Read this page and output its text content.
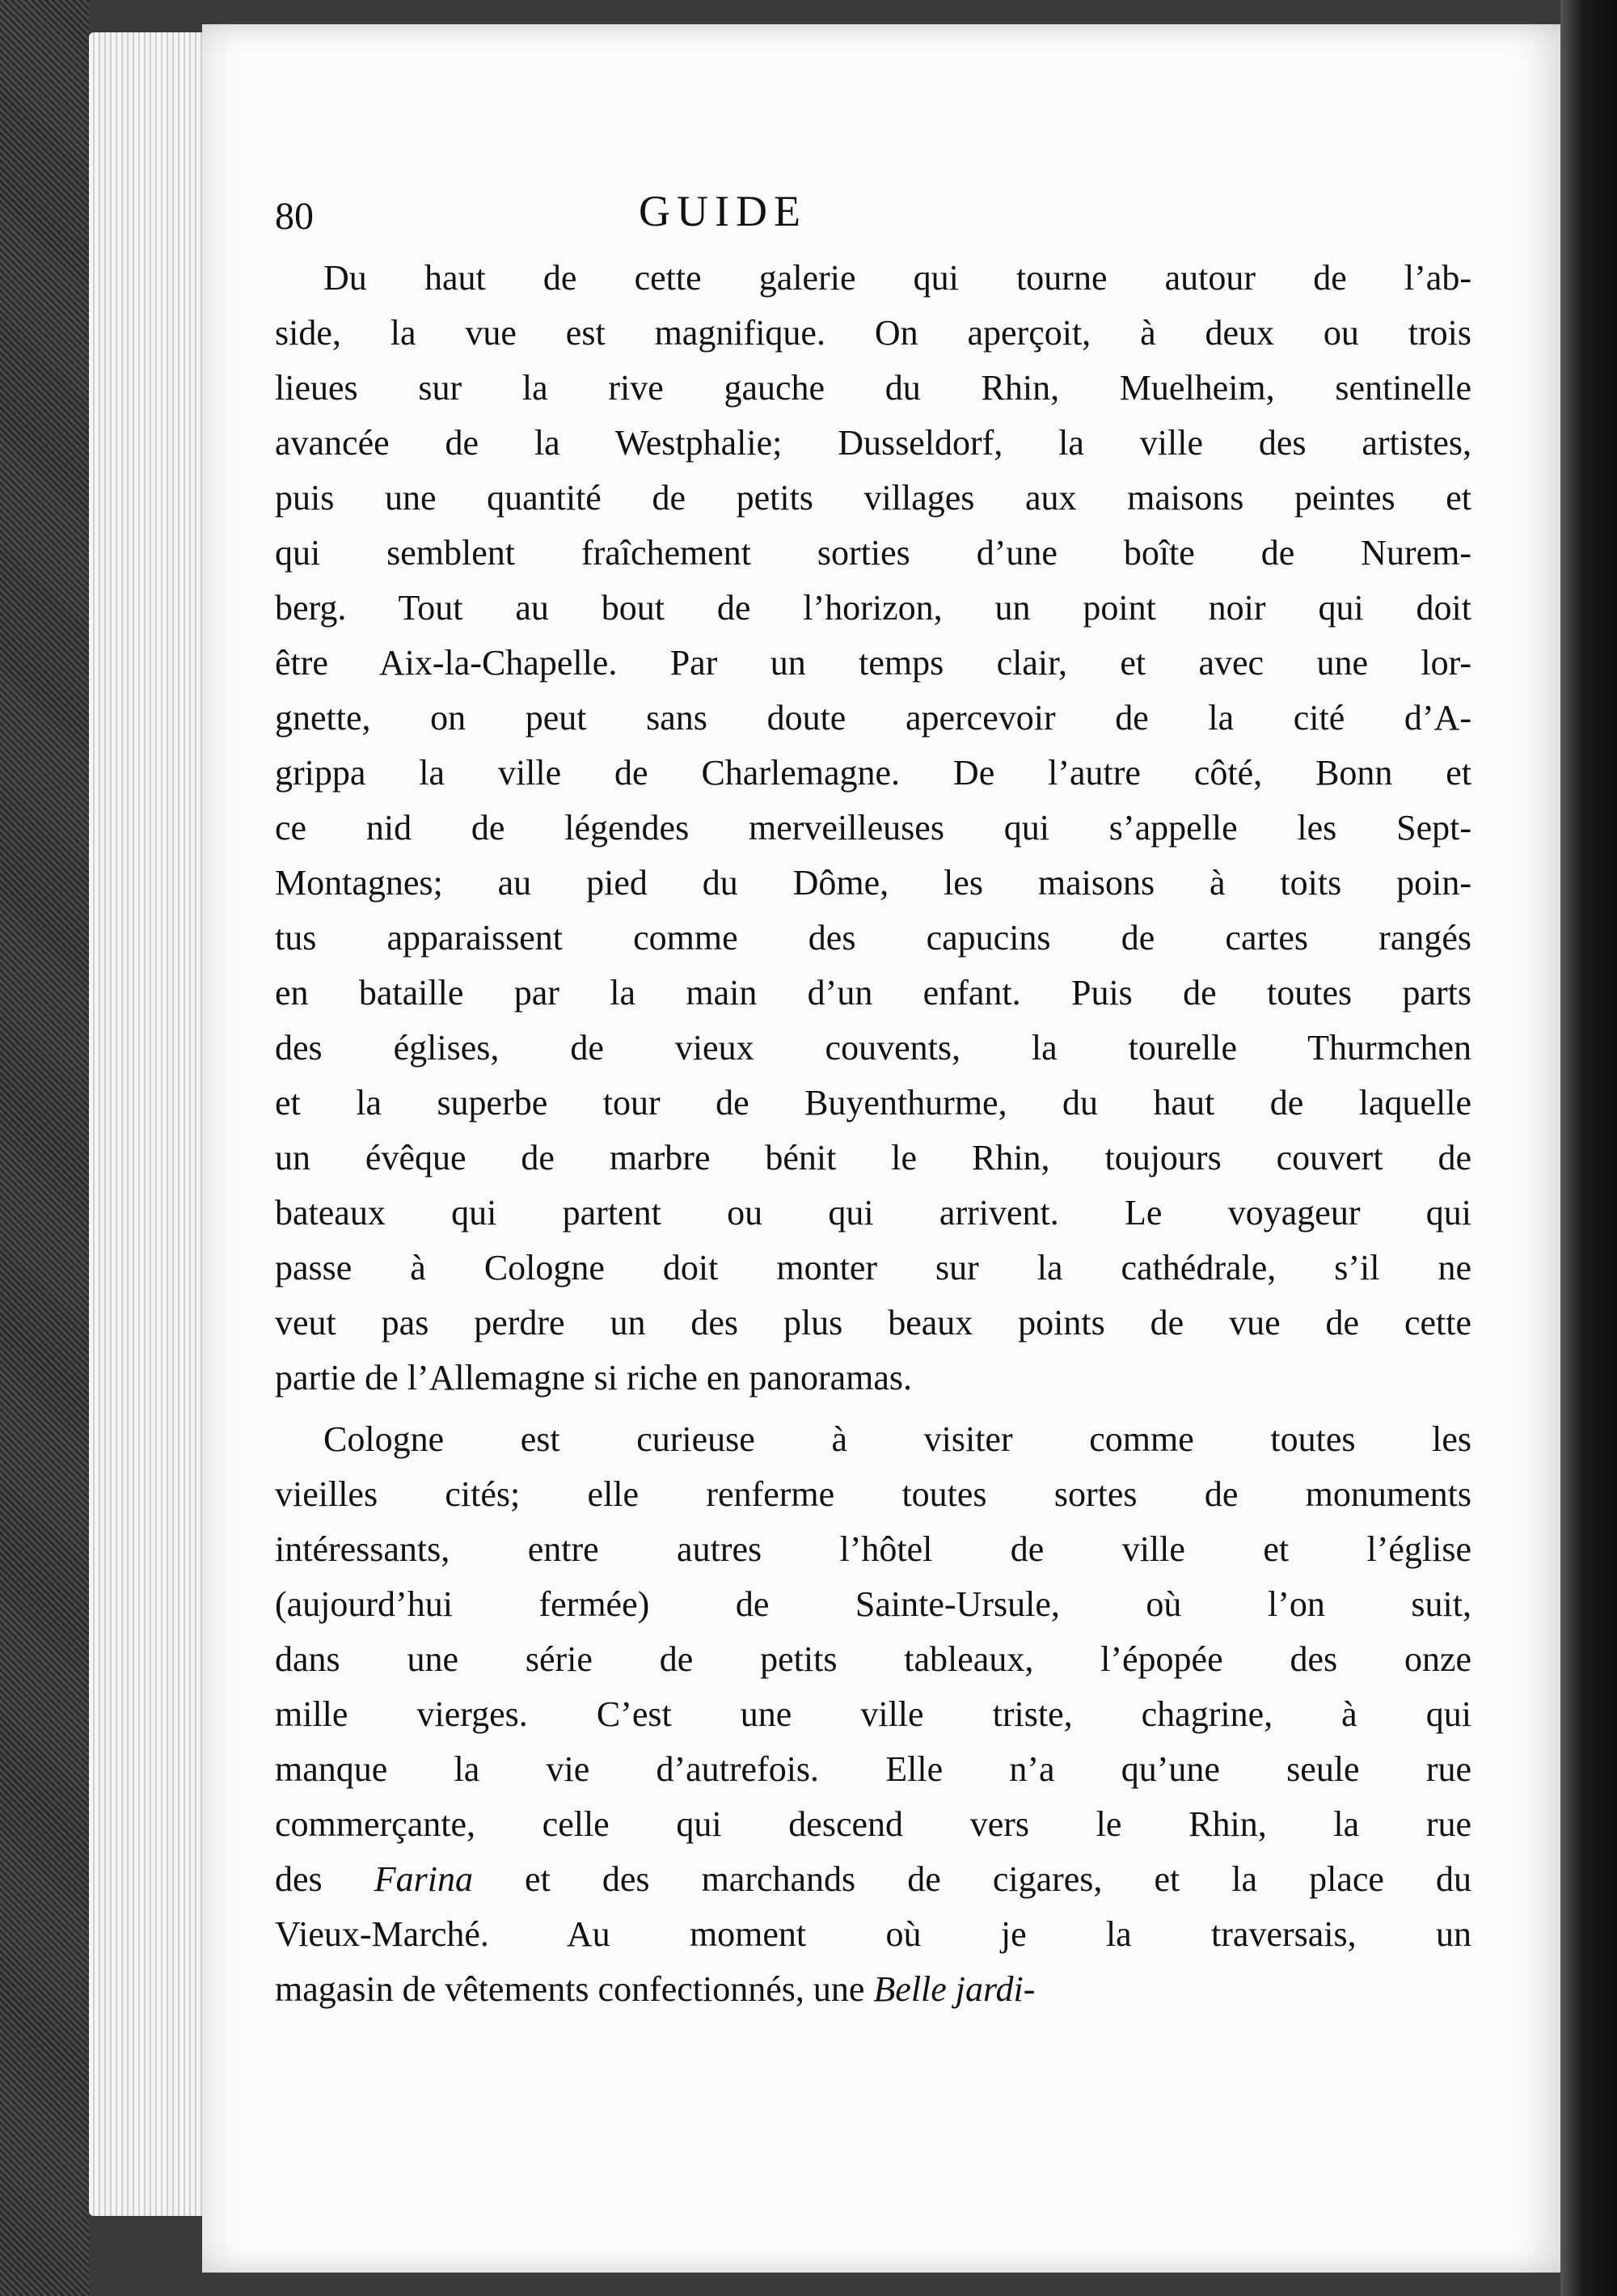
80	GUIDE
Du haut de cette galerie qui tourne autour de l’ab-
side, la vue est magnifique. On aperçoit, à deux ou trois
lieues sur la rive gauche du Rhin, Muelheim, sentinelle
avancée de la Westphalie; Dusseldorf, la ville des artistes,
puis une quantité de petits villages aux maisons peintes et
qui semblent fraîchement sorties d’une boîte de Nurem-
berg. Tout au bout de l’horizon, un point noir qui doit
être Aix-la-Chapelle. Par un temps clair, et avec une lor-
gnette, on peut sans doute apercevoir de la cité d’A-
grippa la ville de Charlemagne. De l’autre côté, Bonn et
ce nid de légendes merveilleuses qui s’appelle les Sept-
Montagnes; au pied du Dôme, les maisons à toits poin-
tus apparaissent comme des capucins de cartes rangés
en bataille par la main d’un enfant. Puis de toutes parts
des églises, de vieux couvents, la tourelle Thurmchen
et la superbe tour de Buyenthurme, du haut de laquelle
un évêque de marbre bénit le Rhin, toujours couvert de
bateaux qui partent ou qui arrivent. Le voyageur qui
passe à Cologne doit monter sur la cathédrale, s’il ne
veut pas perdre un des plus beaux points de vue de cette
partie de l’Allemagne si riche en panoramas.
Cologne est curieuse à visiter comme toutes les
vieilles cités; elle renferme toutes sortes de monuments
intéressants, entre autres l’hôtel de ville et l’église
(aujourd’hui fermée) de Sainte-Ursule, où l’on suit,
dans une série de petits tableaux, l’épopée des onze
mille vierges. C’est une ville triste, chagrine, à qui
manque la vie d’autrefois. Elle n’a qu’une seule rue
commerçante, celle qui descend vers le Rhin, la rue
des Farina et des marchands de cigares, et la place du
Vieux-Marché. Au moment où je la traversais, un
magasin de vêtements confectionnés, une Belle jardi-
